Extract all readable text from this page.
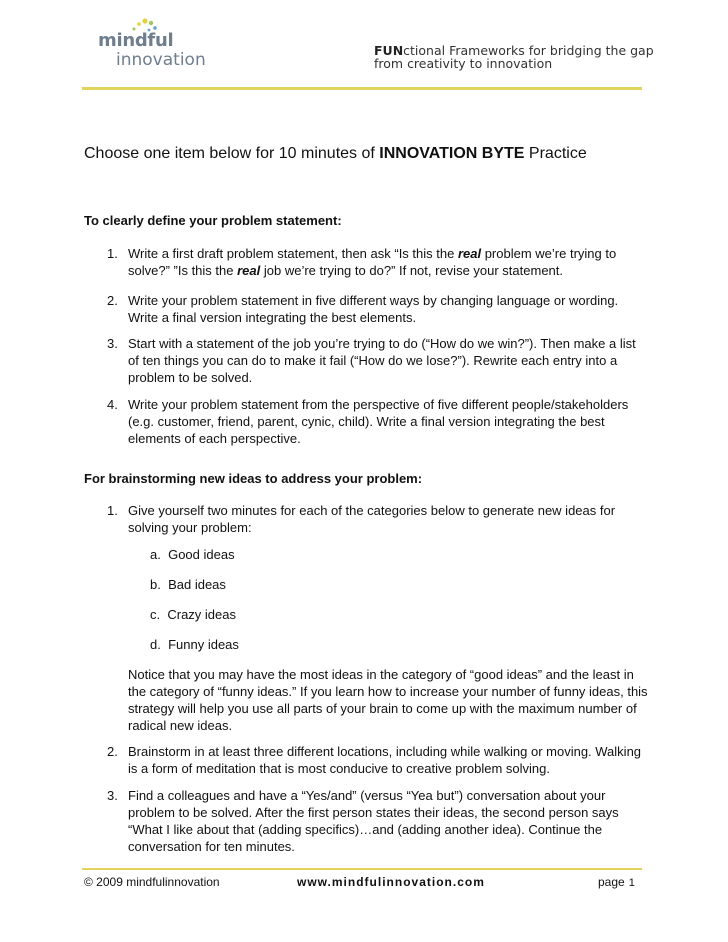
mindful
innovation	FUNctional Frameworks for bridging the gap
from creativity to innovation
Choose one item below for 10 minutes of INNOVATION BYTE Practice
To clearly define your problem statement:
1. Write a first draft problem statement, then ask “Is this the real problem we’re trying to solve?” ”Is this the real job we’re trying to do?” If not, revise your statement.
2. Write your problem statement in five different ways by changing language or wording. Write a final version integrating the best elements.
3. Start with a statement of the job you’re trying to do (“How do we win?”). Then make a list of ten things you can do to make it fail (“How do we lose?”). Rewrite each entry into a problem to be solved.
4. Write your problem statement from the perspective of five different people/stakeholders (e.g. customer, friend, parent, cynic, child). Write a final version integrating the best elements of each perspective.
For brainstorming new ideas to address your problem:
1. Give yourself two minutes for each of the categories below to generate new ideas for solving your problem:
a. Good ideas
b. Bad ideas
c. Crazy ideas
d. Funny ideas
Notice that you may have the most ideas in the category of “good ideas” and the least in the category of “funny ideas.” If you learn how to increase your number of funny ideas, this strategy will help you use all parts of your brain to come up with the maximum number of radical new ideas.
2. Brainstorm in at least three different locations, including while walking or moving. Walking is a form of meditation that is most conducive to creative problem solving.
3. Find a colleagues and have a “Yes/and” (versus “Yea but”) conversation about your problem to be solved. After the first person states their ideas, the second person says “What I like about that (adding specifics)…and (adding another idea). Continue the conversation for ten minutes.
© 2009 mindfulinnovation	www.mindfulinnovation.com	page 1
